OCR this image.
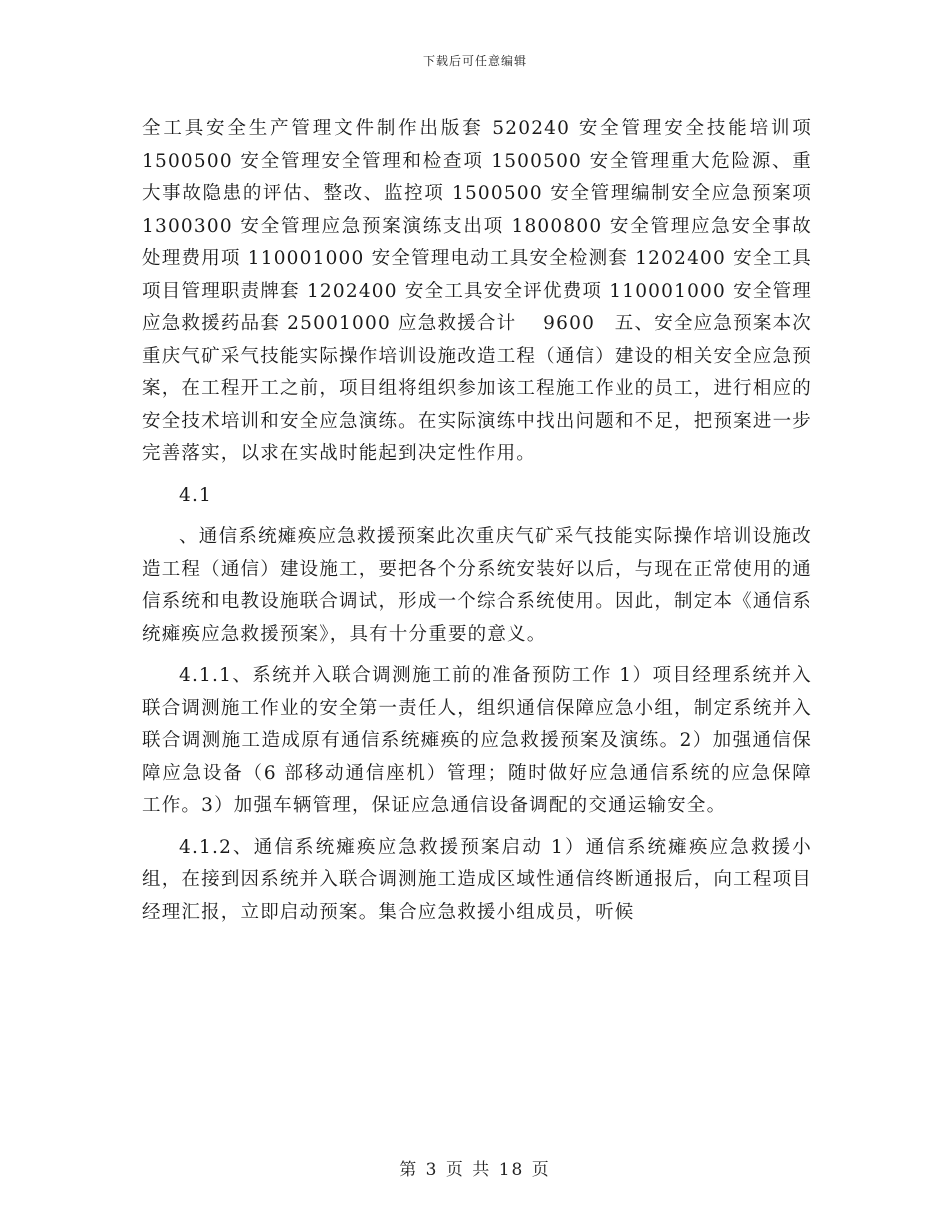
下载后可任意编辑

全工具安全生产管理文件制作出版套 520240 安全管理安全技能培训项 1500500 安全管理安全管理和检查项 1500500 安全管理重大危险源、重大事故隐患的评估、整改、监控项 1500500 安全管理编制安全应急预案项 1300300 安全管理应急预案演练支出项 1800800 安全管理应急安全事故处理费用项 110001000 安全管理电动工具安全检测套 1202400 安全工具项目管理职责牌套 1202400 安全工具安全评优费项 110001000 安全管理应急救援药品套 25001000 应急救援合计　 9600　五、安全应急预案本次重庆气矿采气技能实际操作培训设施改造工程（通信）建设的相关安全应急预案，在工程开工之前，项目组将组织参加该工程施工作业的员工，进行相应的安全技术培训和安全应急演练。在实际演练中找出问题和不足，把预案进一步完善落实，以求在实战时能起到决定性作用。

4.1

、通信系统瘫痪应急救援预案此次重庆气矿采气技能实际操作培训设施改造工程（通信）建设施工，要把各个分系统安装好以后，与现在正常使用的通信系统和电教设施联合调试，形成一个综合系统使用。因此，制定本《通信系统瘫痪应急救援预案》，具有十分重要的意义。

4.1.1、系统并入联合调测施工前的准备预防工作 1）项目经理系统并入联合调测施工作业的安全第一责任人，组织通信保障应急小组，制定系统并入联合调测施工造成原有通信系统瘫痪的应急救援预案及演练。2）加强通信保障应急设备（6 部移动通信座机）管理；随时做好应急通信系统的应急保障工作。3）加强车辆管理，保证应急通信设备调配的交通运输安全。

4.1.2、通信系统瘫痪应急救援预案启动 1）通信系统瘫痪应急救援小组，在接到因系统并入联合调测施工造成区域性通信终断通报后，向工程项目经理汇报，立即启动预案。集合应急救援小组成员，听候

第 3 页 共 18 页
